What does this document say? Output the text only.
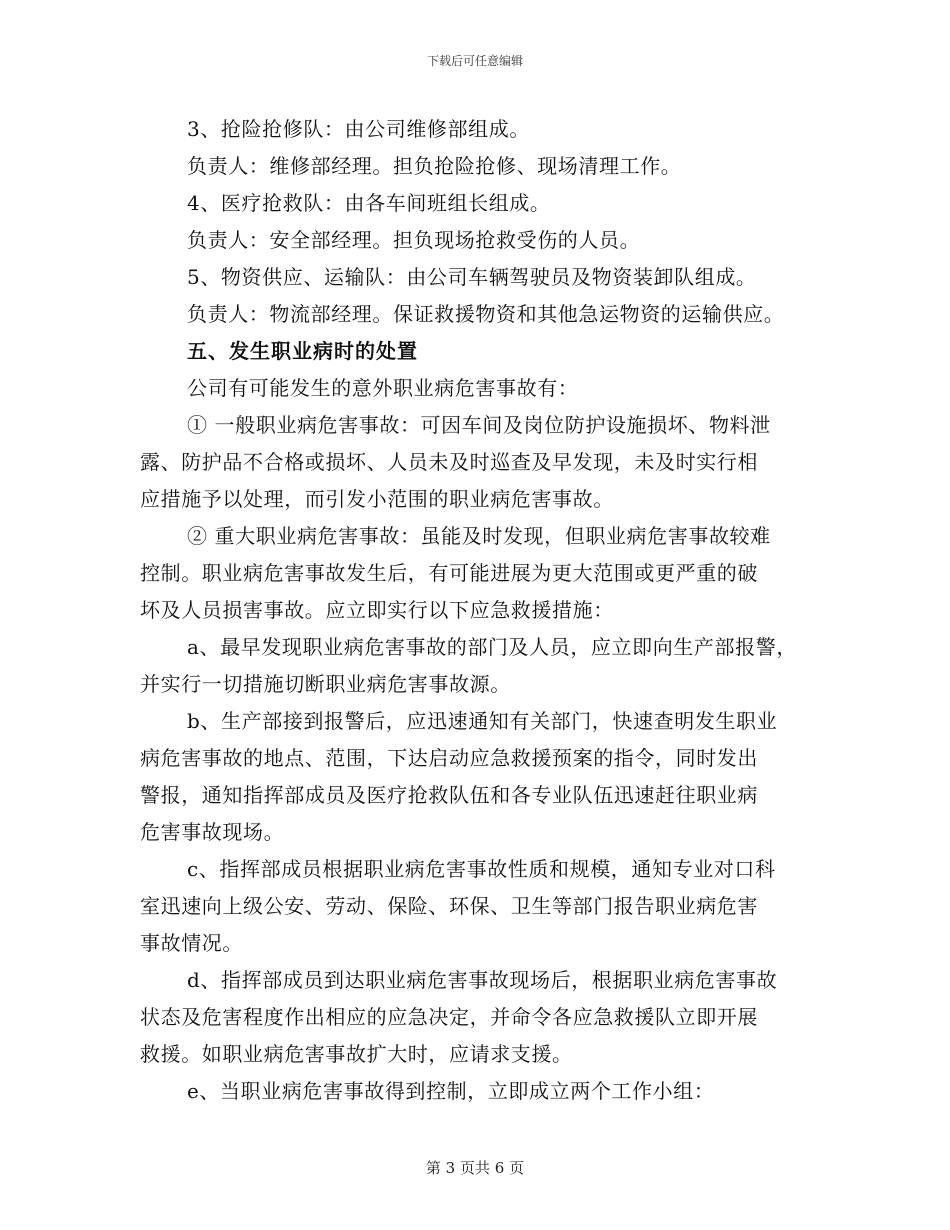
下载后可任意编辑
3、抢险抢修队：由公司维修部组成。
负责人：维修部经理。担负抢险抢修、现场清理工作。
4、医疗抢救队：由各车间班组长组成。
负责人：安全部经理。担负现场抢救受伤的人员。
5、物资供应、运输队：由公司车辆驾驶员及物资装卸队组成。
负责人：物流部经理。保证救援物资和其他急运物资的运输供应。
五、发生职业病时的处置
公司有可能发生的意外职业病危害事故有：
① 一般职业病危害事故：可因车间及岗位防护设施损坏、物料泄
露、防护品不合格或损坏、人员未及时巡查及早发现，未及时实行相
应措施予以处理，而引发小范围的职业病危害事故。
② 重大职业病危害事故：虽能及时发现，但职业病危害事故较难
控制。职业病危害事故发生后，有可能进展为更大范围或更严重的破
坏及人员损害事故。应立即实行以下应急救援措施：
a、最早发现职业病危害事故的部门及人员，应立即向生产部报警，
并实行一切措施切断职业病危害事故源。
b、生产部接到报警后，应迅速通知有关部门，快速查明发生职业
病危害事故的地点、范围，下达启动应急救援预案的指令，同时发出
警报，通知指挥部成员及医疗抢救队伍和各专业队伍迅速赶往职业病
危害事故现场。
c、指挥部成员根据职业病危害事故性质和规模，通知专业对口科
室迅速向上级公安、劳动、保险、环保、卫生等部门报告职业病危害
事故情况。
d、指挥部成员到达职业病危害事故现场后，根据职业病危害事故
状态及危害程度作出相应的应急决定，并命令各应急救援队立即开展
救援。如职业病危害事故扩大时，应请求支援。
e、当职业病危害事故得到控制，立即成立两个工作小组：
第 3 页共 6 页
